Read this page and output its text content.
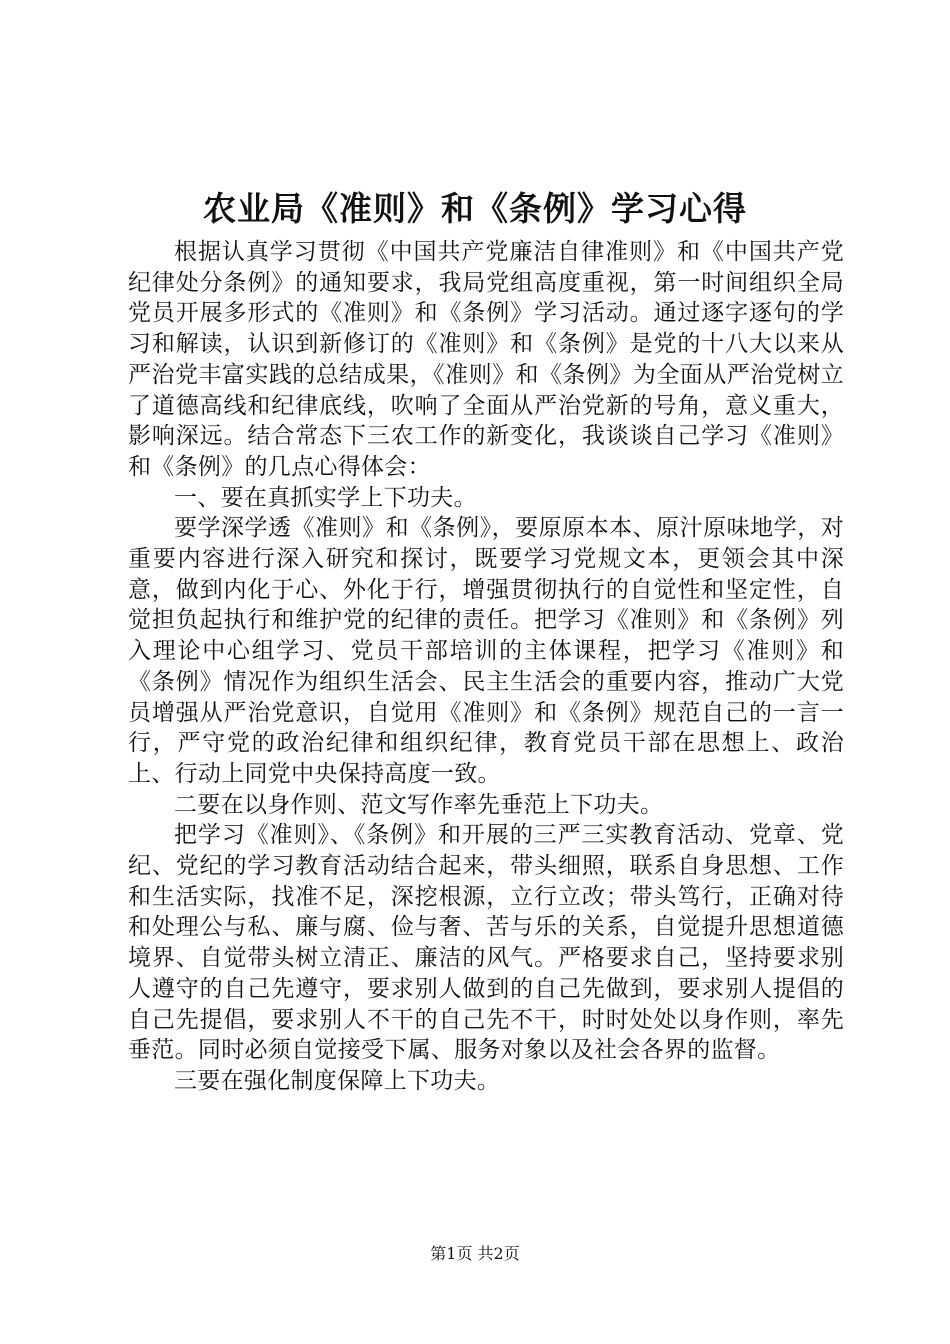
农业局《准则》和《条例》学习心得

根据认真学习贯彻《中国共产党廉洁自律准则》和《中国共产党纪律处分条例》的通知要求，我局党组高度重视，第一时间组织全局党员开展多形式的《准则》和《条例》学习活动。通过逐字逐句的学习和解读，认识到新修订的《准则》和《条例》是党的十八大以来从严治党丰富实践的总结成果，《准则》和《条例》为全面从严治党树立了道德高线和纪律底线，吹响了全面从严治党新的号角，意义重大，影响深远。结合常态下三农工作的新变化，我谈谈自己学习《准则》和《条例》的几点心得体会：

一、要在真抓实学上下功夫。

要学深学透《准则》和《条例》，要原原本本、原汁原味地学，对重要内容进行深入研究和探讨，既要学习党规文本，更领会其中深意，做到内化于心、外化于行，增强贯彻执行的自觉性和坚定性，自觉担负起执行和维护党的纪律的责任。把学习《准则》和《条例》列入理论中心组学习、党员干部培训的主体课程，把学习《准则》和《条例》情况作为组织生活会、民主生活会的重要内容，推动广大党员增强从严治党意识，自觉用《准则》和《条例》规范自己的一言一行，严守党的政治纪律和组织纪律，教育党员干部在思想上、政治上、行动上同党中央保持高度一致。

二要在以身作则、范文写作率先垂范上下功夫。

把学习《准则》、《条例》和开展的三严三实教育活动、党章、党纪、党纪的学习教育活动结合起来，带头细照，联系自身思想、工作和生活实际，找准不足，深挖根源，立行立改；带头笃行，正确对待和处理公与私、廉与腐、俭与奢、苦与乐的关系，自觉提升思想道德境界、自觉带头树立清正、廉洁的风气。严格要求自己，坚持要求别人遵守的自己先遵守，要求别人做到的自己先做到，要求别人提倡的自己先提倡，要求别人不干的自己先不干，时时处处以身作则，率先垂范。同时必须自觉接受下属、服务对象以及社会各界的监督。

三要在强化制度保障上下功夫。

第1页 共2页
